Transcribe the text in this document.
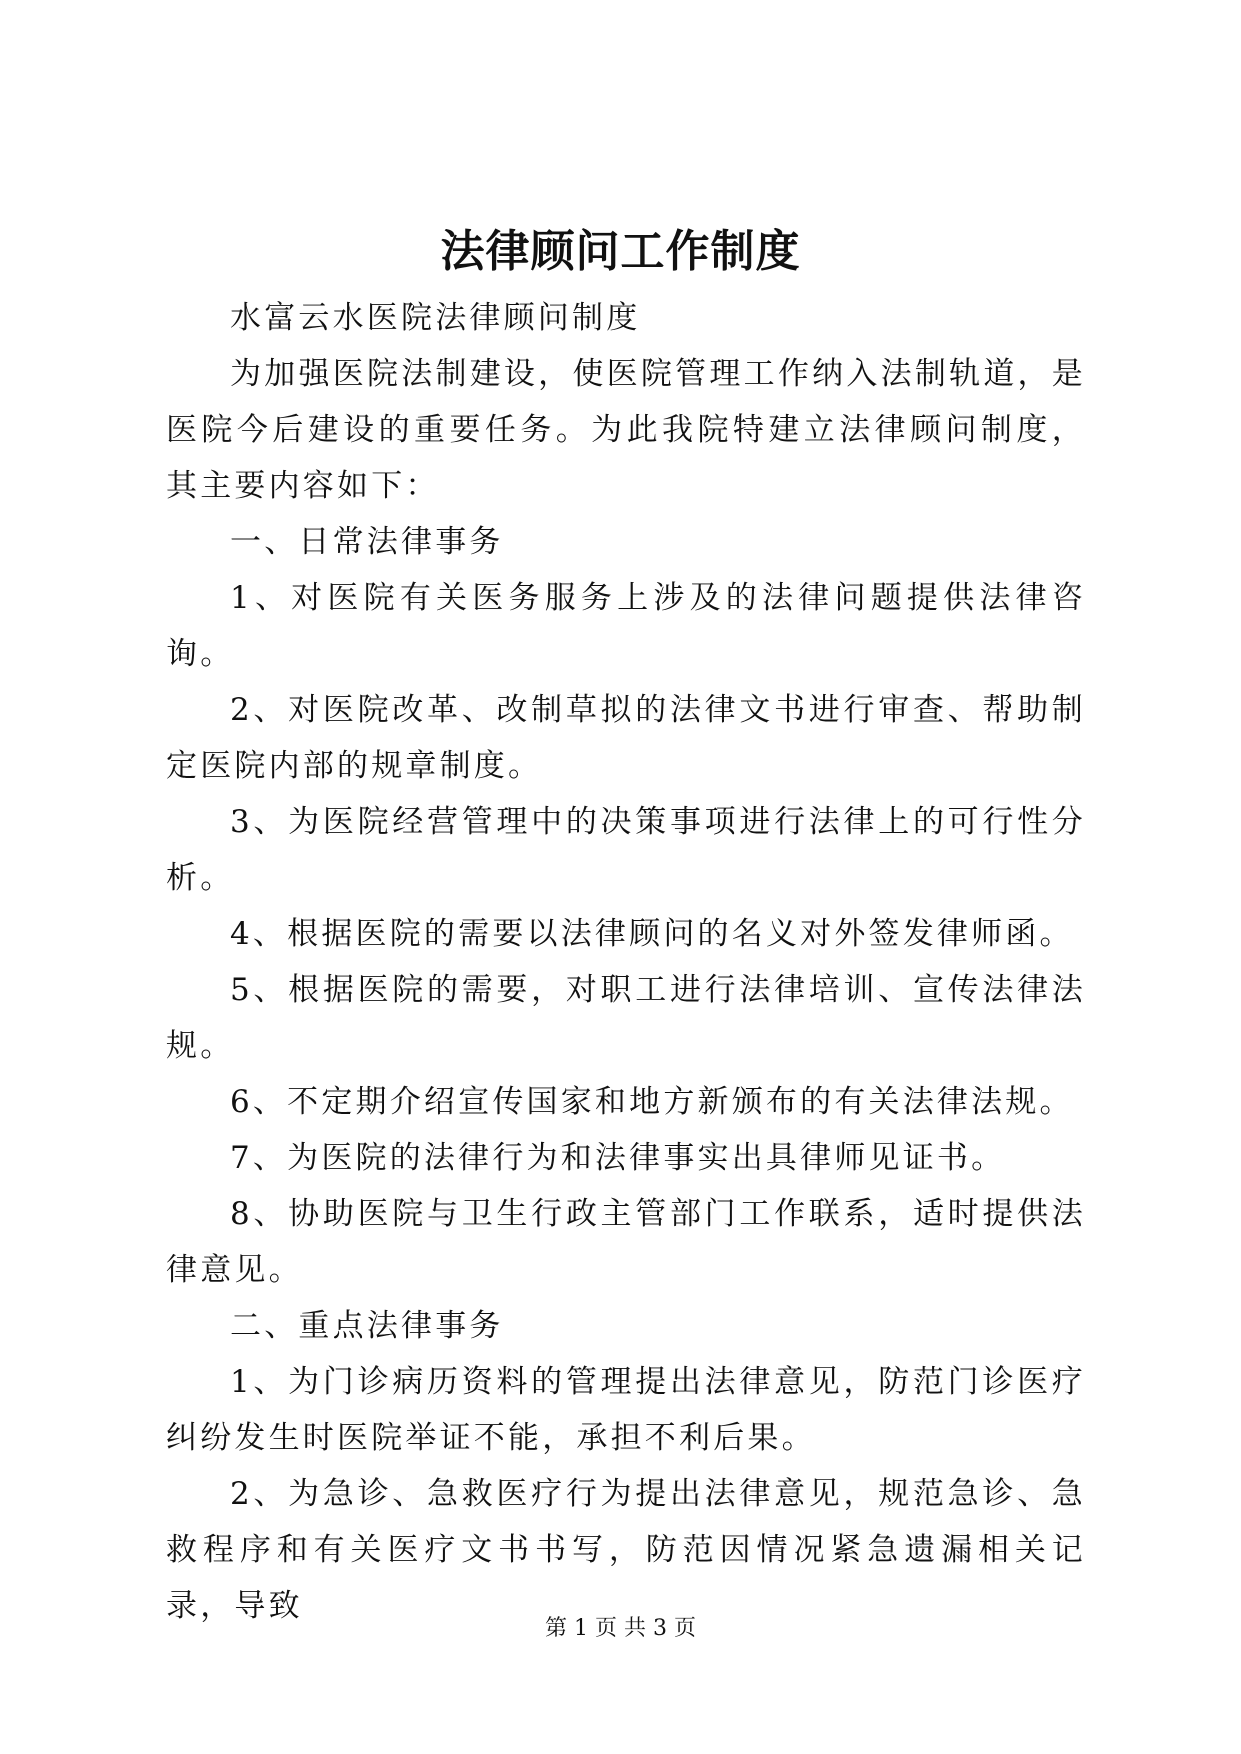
法律顾问工作制度

水富云水医院法律顾问制度

为加强医院法制建设，使医院管理工作纳入法制轨道，是医院今后建设的重要任务。为此我院特建立法律顾问制度，其主要内容如下：

一、日常法律事务

1、对医院有关医务服务上涉及的法律问题提供法律咨询。

2、对医院改革、改制草拟的法律文书进行审查、帮助制定医院内部的规章制度。

3、为医院经营管理中的决策事项进行法律上的可行性分析。

4、根据医院的需要以法律顾问的名义对外签发律师函。

5、根据医院的需要，对职工进行法律培训、宣传法律法规。

6、不定期介绍宣传国家和地方新颁布的有关法律法规。

7、为医院的法律行为和法律事实出具律师见证书。

8、协助医院与卫生行政主管部门工作联系，适时提供法律意见。

二、重点法律事务

1、为门诊病历资料的管理提出法律意见，防范门诊医疗纠纷发生时医院举证不能，承担不利后果。

2、为急诊、急救医疗行为提出法律意见，规范急诊、急救程序和有关医疗文书书写，防范因情况紧急遗漏相关记录，导致

第 1 页 共 3 页
